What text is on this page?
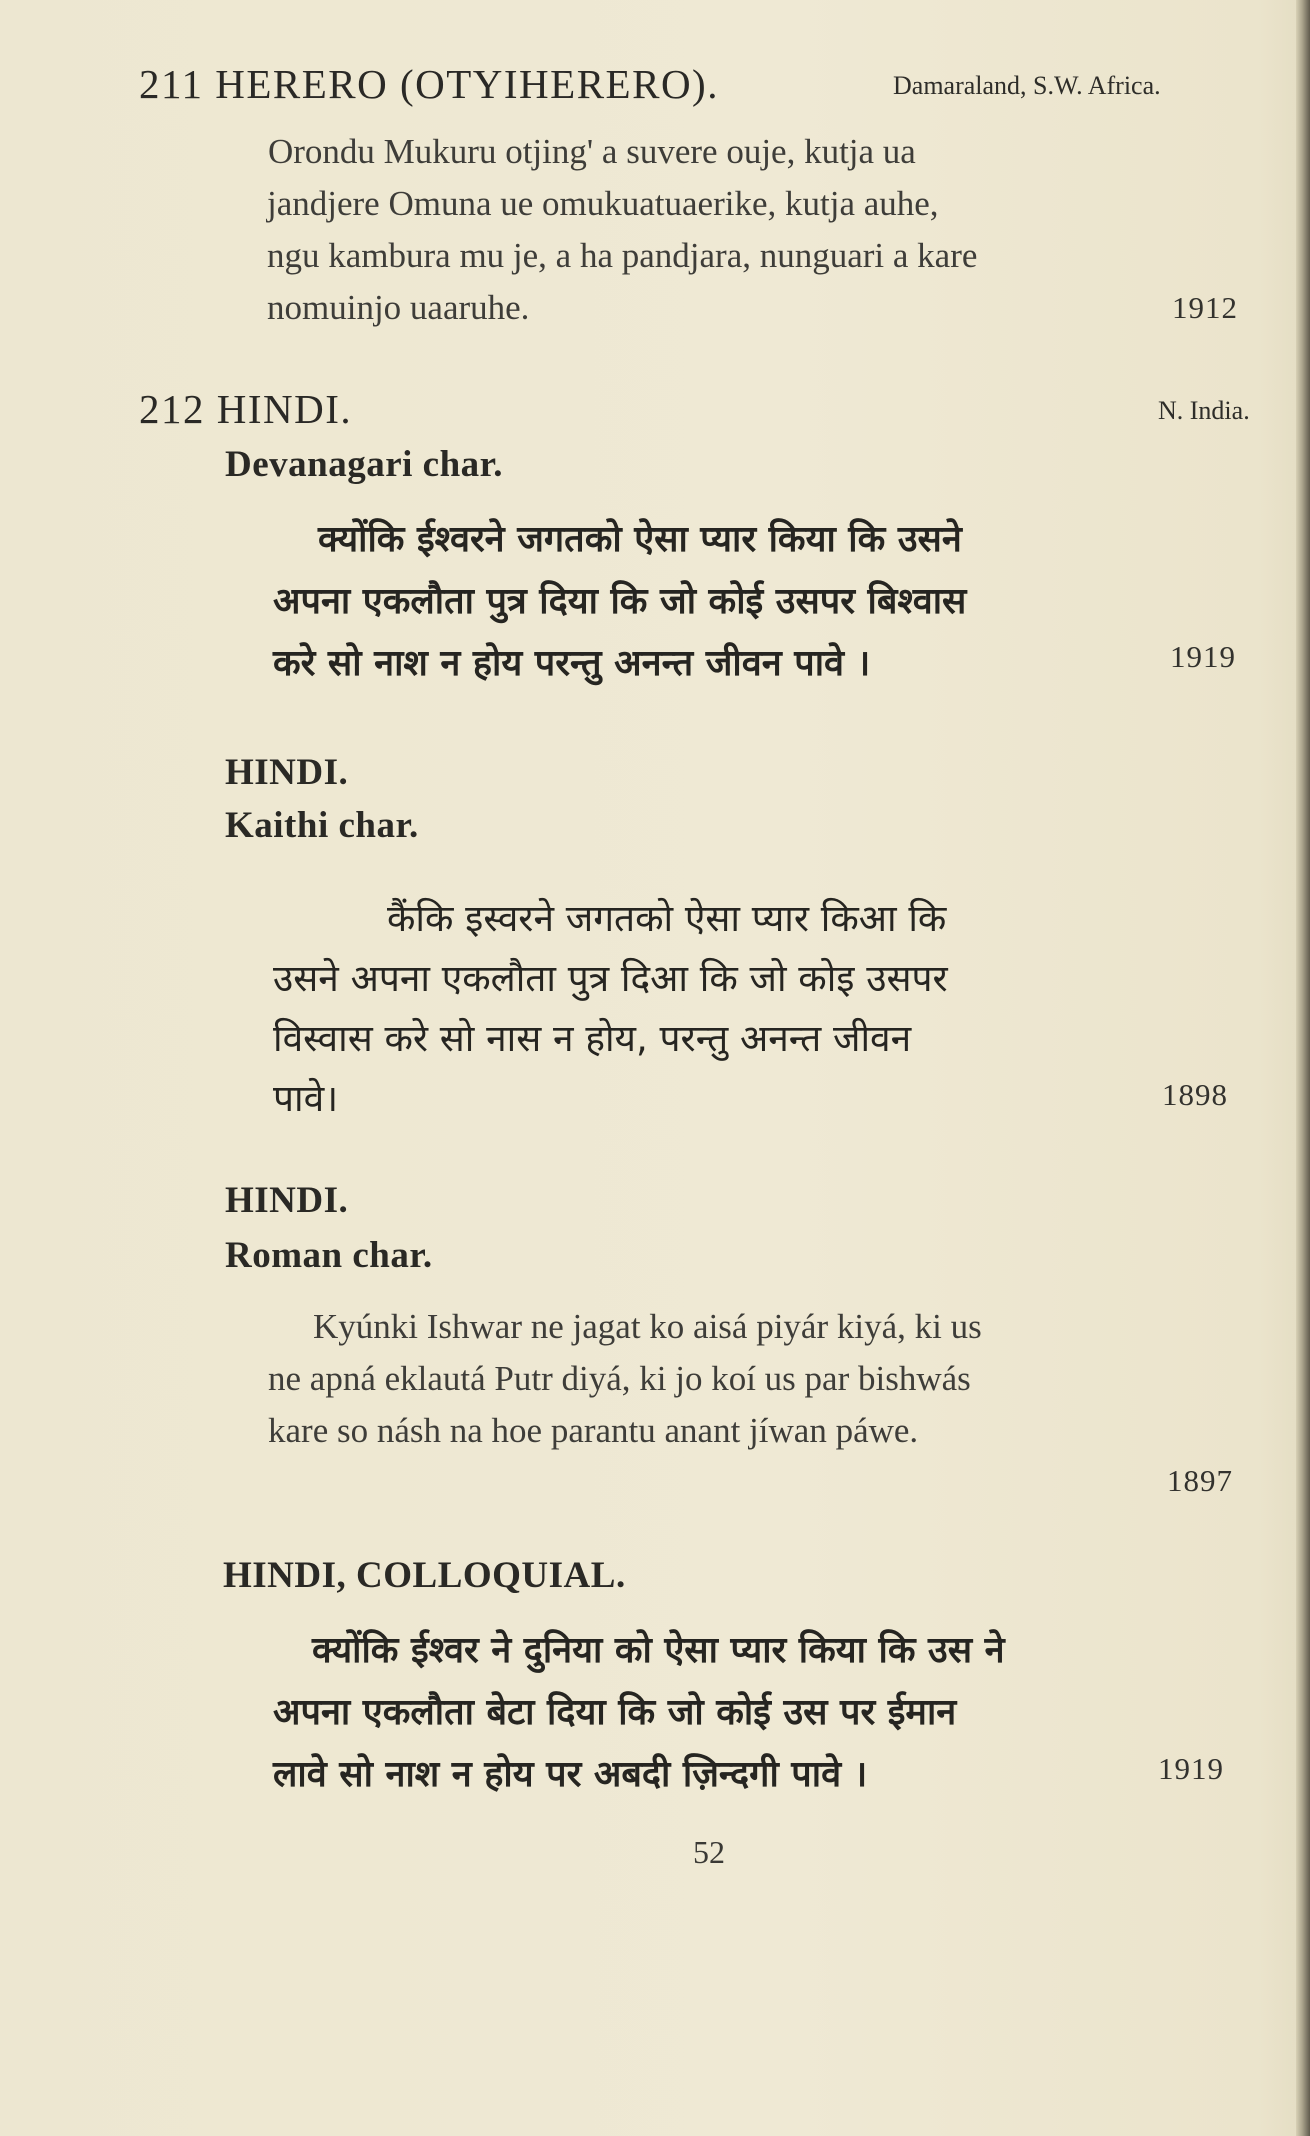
211 HERERO (OTYIHERERO).	Damaraland, S.W. Africa.
Orondu Mukuru otjing' a suvere ouje, kutja ua
jandjere Omuna ue omukuatuaerike, kutja auhe,
ngu kambura mu je, a ha pandjara, nunguari a kare
nomuinjo uaaruhe.	1912
212 HINDI.	N. India.
Devanagari char.
क्योंकि ईश्वरने जगतको ऐसा प्यार किया कि उसने
अपना एकलौता पुत्र दिया कि जो कोई उसपर बिश्वास
करे सो नाश न होय परन्तु अनन्त जीवन पावे ।	1919
HINDI.
Kaithi char.
कैंकि इस्वरने जगतको ऐसा प्यार किआ कि
उसने अपना एकलौता पुत्र दिआ कि जो कोइ उसपर
विस्वास करे सो नास न होय, परन्तु अनन्त जीवन
पावे।	1898
HINDI.
Roman char.
Kyúnki Ishwar ne jagat ko aisá piyár kiyá, ki us
ne apná eklautá Putr diyá, ki jo koí us par bishwás
kare so násh na hoe parantu anant jíwan páwe.
1897
HINDI, COLLOQUIAL.
क्योंकि ईश्वर ने दुनिया को ऐसा प्यार किया कि उस ने
अपना एकलौता बेटा दिया कि जो कोई उस पर ईमान
लावे सो नाश न होय पर अबदी ज़िन्दगी पावे ।	1919
52
